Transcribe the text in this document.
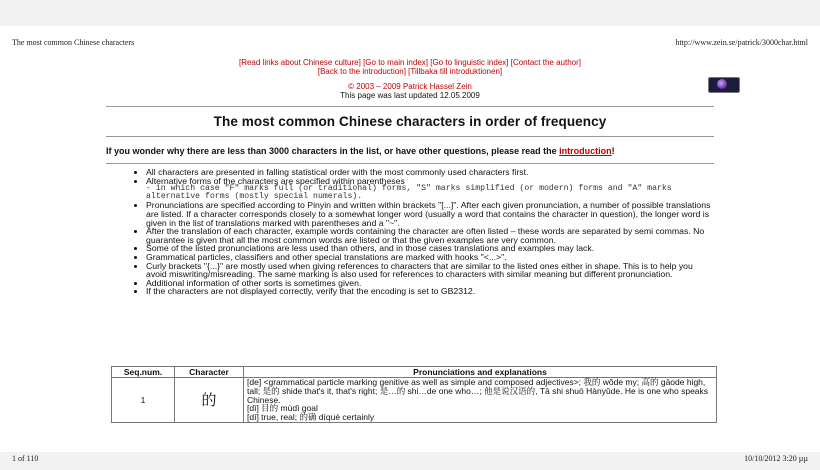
The most common Chinese characters	http://www.zein.se/patrick/3000char.html
[Read links about Chinese culture] [Go to main index] [Go to linguistic index] [Contact the author]
[Back to the introduction] [Tillbaka till introduktionen]
© 2003 – 2009 Patrick Hassel Zein
This page was last updated 12.05.2009
The most common Chinese characters in order of frequency
If you wonder why there are less than 3000 characters in the list, or have other questions, please read the introduction!
• All characters are presented in falling statistical order with the most commonly used characters first.
• Alternative forms of the characters are specified within parentheses
- in which case "F" marks full (or traditional) forms, "S" marks simplified (or modern) forms and "A" marks alternative forms (mostly special numerals).
• Pronunciations are specified according to Pinyin and written within brackets "[...]". After each given pronunciation, a number of possible translations are listed. If a character corresponds closely to a somewhat longer word (usually a word that contains the character in question), the longer word is given in the list of translations marked with parentheses and a "~".
• After the translation of each character, example words containing the character are often listed – these words are separated by semi commas. No guarantee is given that all the most common words are listed or that the given examples are very common.
• Some of the listed pronunciations are less used than others, and in those cases translations and examples may lack.
• Grammatical particles, classifiers and other special translations are marked with hooks "<...>".
• Curly brackets "{...}" are mostly used when giving references to characters that are similar to the listed ones either in shape. This is to help you avoid miswriting/misreading. The same marking is also used for references to characters with similar meaning but different pronunciation.
• Additional information of other sorts is sometimes given.
• If the characters are not displayed correctly, verify that the encoding is set to GB2312.
Seq.num.	Character	Pronunciations and explanations
1	的	[de] <grammatical particle marking genitive as well as simple and composed adjectives>; 我的 wǒde my; 高的 gāode high, tall; 是的 shide that's it, that's right; 是…的 shi…de one who…; 他是说汉语的, Tā shi shuō Hànyǔde. He is one who speaks Chinese.
[dì] 目的 mùdì goal
[dí] true, real; 的确 díquè certainly
1 of 110	10/10/2012 3:20 µµ
